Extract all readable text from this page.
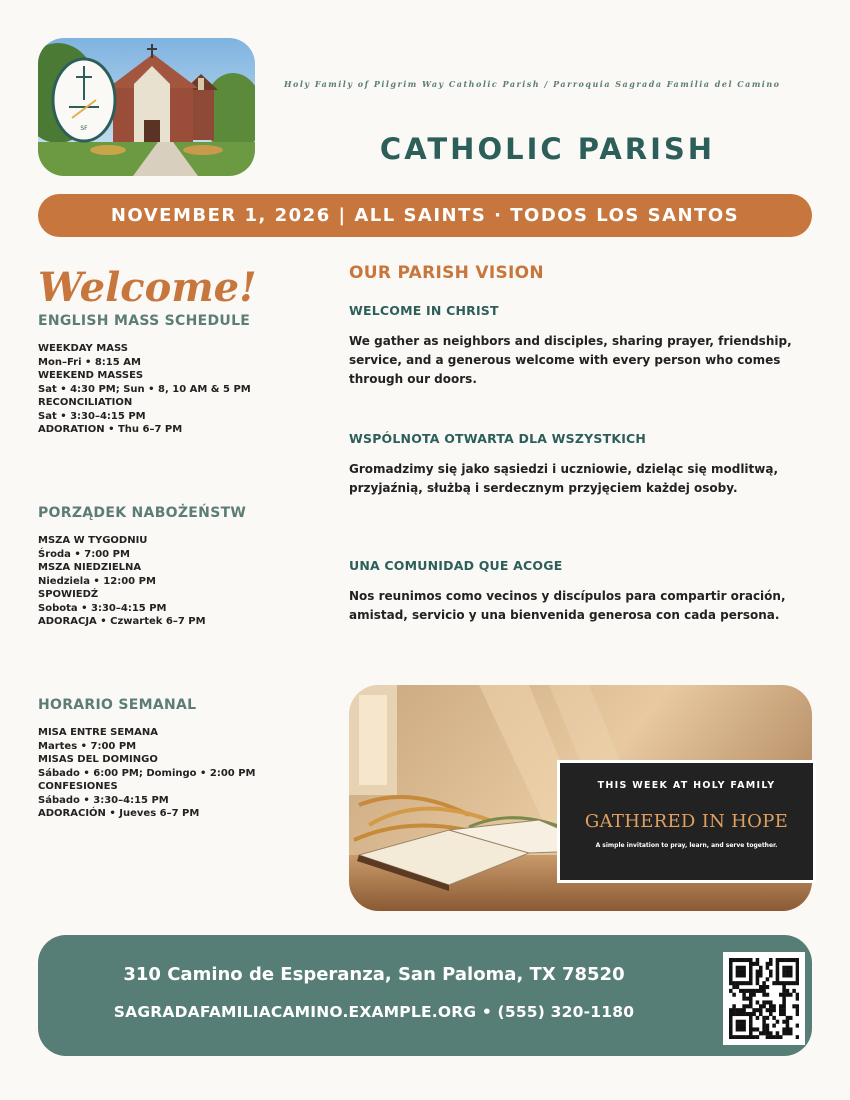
SF
Holy Family of Pilgrim Way Catholic Parish / Parroquia Sagrada Familia del Camino
CATHOLIC PARISH
NOVEMBER 1, 2026 | ALL SAINTS · TODOS LOS SANTOS
Welcome!
ENGLISH MASS SCHEDULE
WEEKDAY MASS
Mon–Fri • 8:15 AM
WEEKEND MASSES
Sat • 4:30 PM; Sun • 8, 10 AM & 5 PM
RECONCILIATION
Sat • 3:30–4:15 PM
ADORATION • Thu 6–7 PM
PORZĄDEK NABOŻEŃSTW
MSZA W TYGODNIU
Środa • 7:00 PM
MSZA NIEDZIELNA
Niedziela • 12:00 PM
SPOWIEDŹ
Sobota • 3:30–4:15 PM
ADORACJA • Czwartek 6–7 PM
HORARIO SEMANAL
MISA ENTRE SEMANA
Martes • 7:00 PM
MISAS DEL DOMINGO
Sábado • 6:00 PM; Domingo • 2:00 PM
CONFESIONES
Sábado • 3:30–4:15 PM
ADORACIÓN • Jueves 6–7 PM
OUR PARISH VISION
WELCOME IN CHRIST

We gather as neighbors and disciples, sharing prayer, friendship, service, and a generous welcome with every person who comes through our doors.

WSPÓLNOTA OTWARTA DLA WSZYSTKICH

Gromadzimy się jako sąsiedzi i uczniowie, dzieląc się modlitwą, przyjaźnią, służbą i serdecznym przyjęciem każdej osoby.

UNA COMUNIDAD QUE ACOGE

Nos reunimos como vecinos y discípulos para compartir oración, amistad, servicio y una bienvenida generosa con cada persona.

THIS WEEK AT HOLY FAMILY
GATHERED IN HOPE
A simple invitation to pray, learn, and serve together.
310 Camino de Esperanza, San Paloma, TX 78520
SAGRADAFAMILIACAMINO.EXAMPLE.ORG • (555) 320-1180
